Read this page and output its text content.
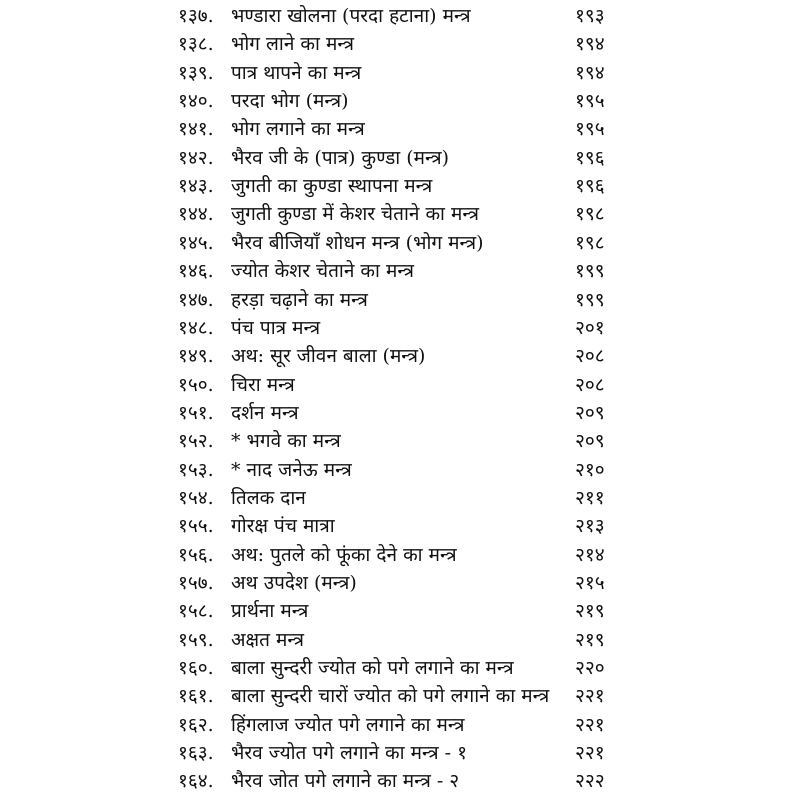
१३७. भण्डारा खोलना (परदा हटाना) मन्त्र	१९३
१३८. भोग लाने का मन्त्र	१९४
१३९. पात्र थापने का मन्त्र	१९४
१४०. परदा भोग (मन्त्र)	१९५
१४१. भोग लगाने का मन्त्र	१९५
१४२. भैरव जी के (पात्र) कुण्डा (मन्त्र)	१९६
१४३. जुगती का कुण्डा स्थापना मन्त्र	१९६
१४४. जुगती कुण्डा में केशर चेताने का मन्त्र	१९८
१४५. भैरव बीजियाँ शोधन मन्त्र (भोग मन्त्र)	१९८
१४६. ज्योत केशर चेताने का मन्त्र	१९९
१४७. हरड़ा चढ़ाने का मन्त्र	१९९
१४८. पंच पात्र मन्त्र	२०१
१४९. अथ: सूर जीवन बाला (मन्त्र)	२०८
१५०. चिरा मन्त्र	२०८
१५१. दर्शन मन्त्र	२०९
१५२. * भगवे का मन्त्र	२०९
१५३. * नाद जनेऊ मन्त्र	२१०
१५४. तिलक दान	२११
१५५. गोरक्ष पंच मात्रा	२१३
१५६. अथ: पुतले को फूंका देने का मन्त्र	२१४
१५७. अथ उपदेश (मन्त्र)	२१५
१५८. प्रार्थना मन्त्र	२१९
१५९. अक्षत मन्त्र	२१९
१६०. बाला सुन्दरी ज्योत को पगे लगाने का मन्त्र	२२०
१६१. बाला सुन्दरी चारों ज्योत को पगे लगाने का मन्त्र २२१
१६२. हिंगलाज ज्योत पगे लगाने का मन्त्र	२२१
१६३. भैरव ज्योत पगे लगाने का मन्त्र - १	२२१
१६४. भैरव जोत पगे लगाने का मन्त्र - २	२२२
